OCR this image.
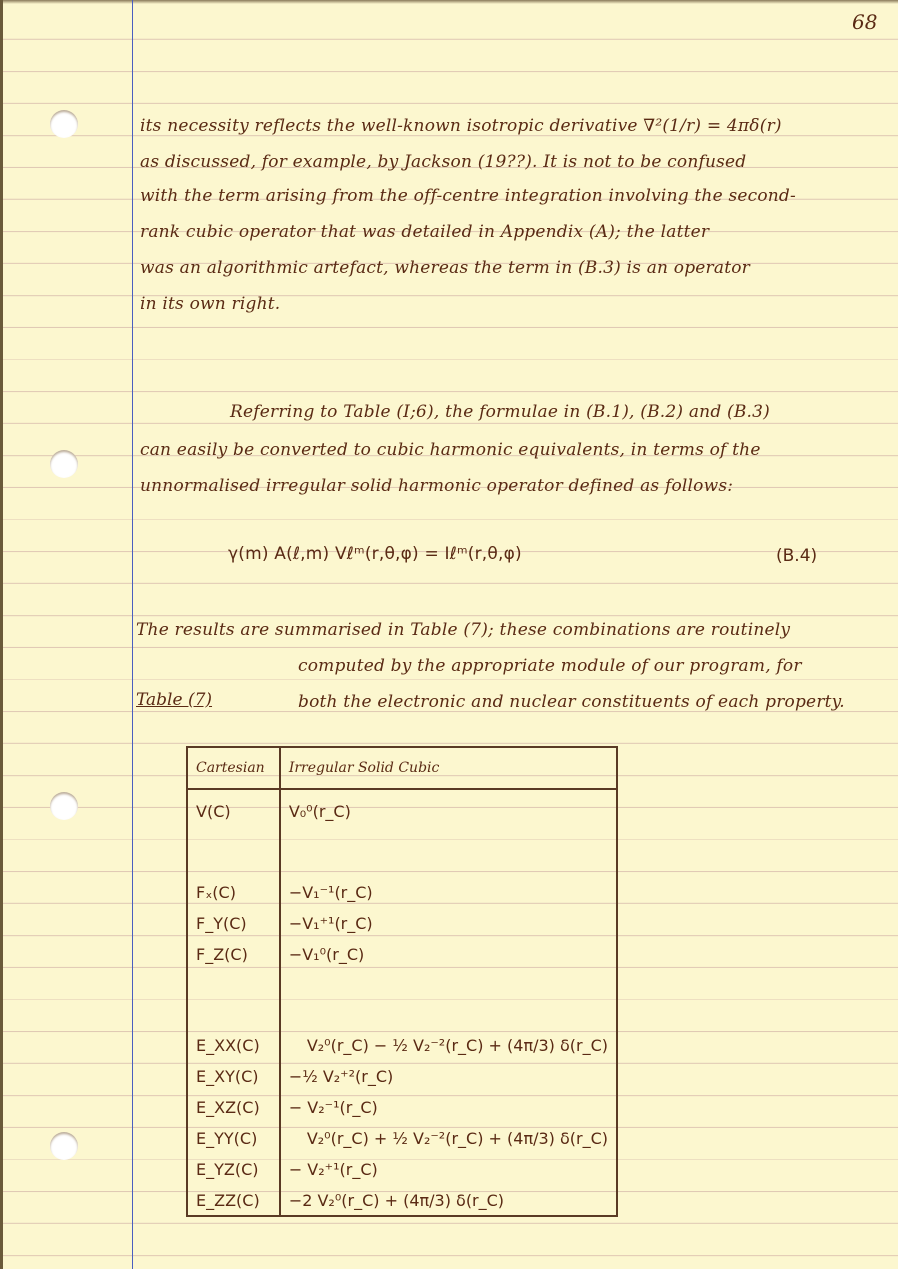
68
its necessity reflects the well-known isotropic derivative ∇²(1/r) = 4πδ(r)
as discussed, for example, by Jackson (19??). It is not to be confused
with the term arising from the off-centre integration involving the second-
rank cubic operator that was detailed in Appendix (A); the latter
was an algorithmic artefact, whereas the term in (B.3) is an operator
in its own right.
Referring to Table (I;6), the formulae in (B.1), (B.2) and (B.3)
can easily be converted to cubic harmonic equivalents, in terms of the
unnormalised irregular solid harmonic operator defined as follows:
γ(m) A(ℓ,m) Vℓᵐ(r,θ,φ) = Iℓᵐ(r,θ,φ)	(B.4)
The results are summarised in Table (7); these combinations are routinely
computed by the appropriate module of our program, for
both the electronic and nuclear constituents of each property.
Table (7)
Cartesian	Irregular Solid Cubic
V(C)	V₀⁰(r_C)

Fₓ(C)	−V₁⁻¹(r_C)
F_Y(C)	−V₁⁺¹(r_C)
F_Z(C)	−V₁⁰(r_C)

E_XX(C)	V₂⁰(r_C) − ½ V₂⁻²(r_C) + (4π/3) δ(r_C)
E_XY(C)	−½ V₂⁺²(r_C)
E_XZ(C)	− V₂⁻¹(r_C)
E_YY(C)	V₂⁰(r_C) + ½ V₂⁻²(r_C) + (4π/3) δ(r_C)
E_YZ(C)	− V₂⁺¹(r_C)
E_ZZ(C)	−2 V₂⁰(r_C) + (4π/3) δ(r_C)
